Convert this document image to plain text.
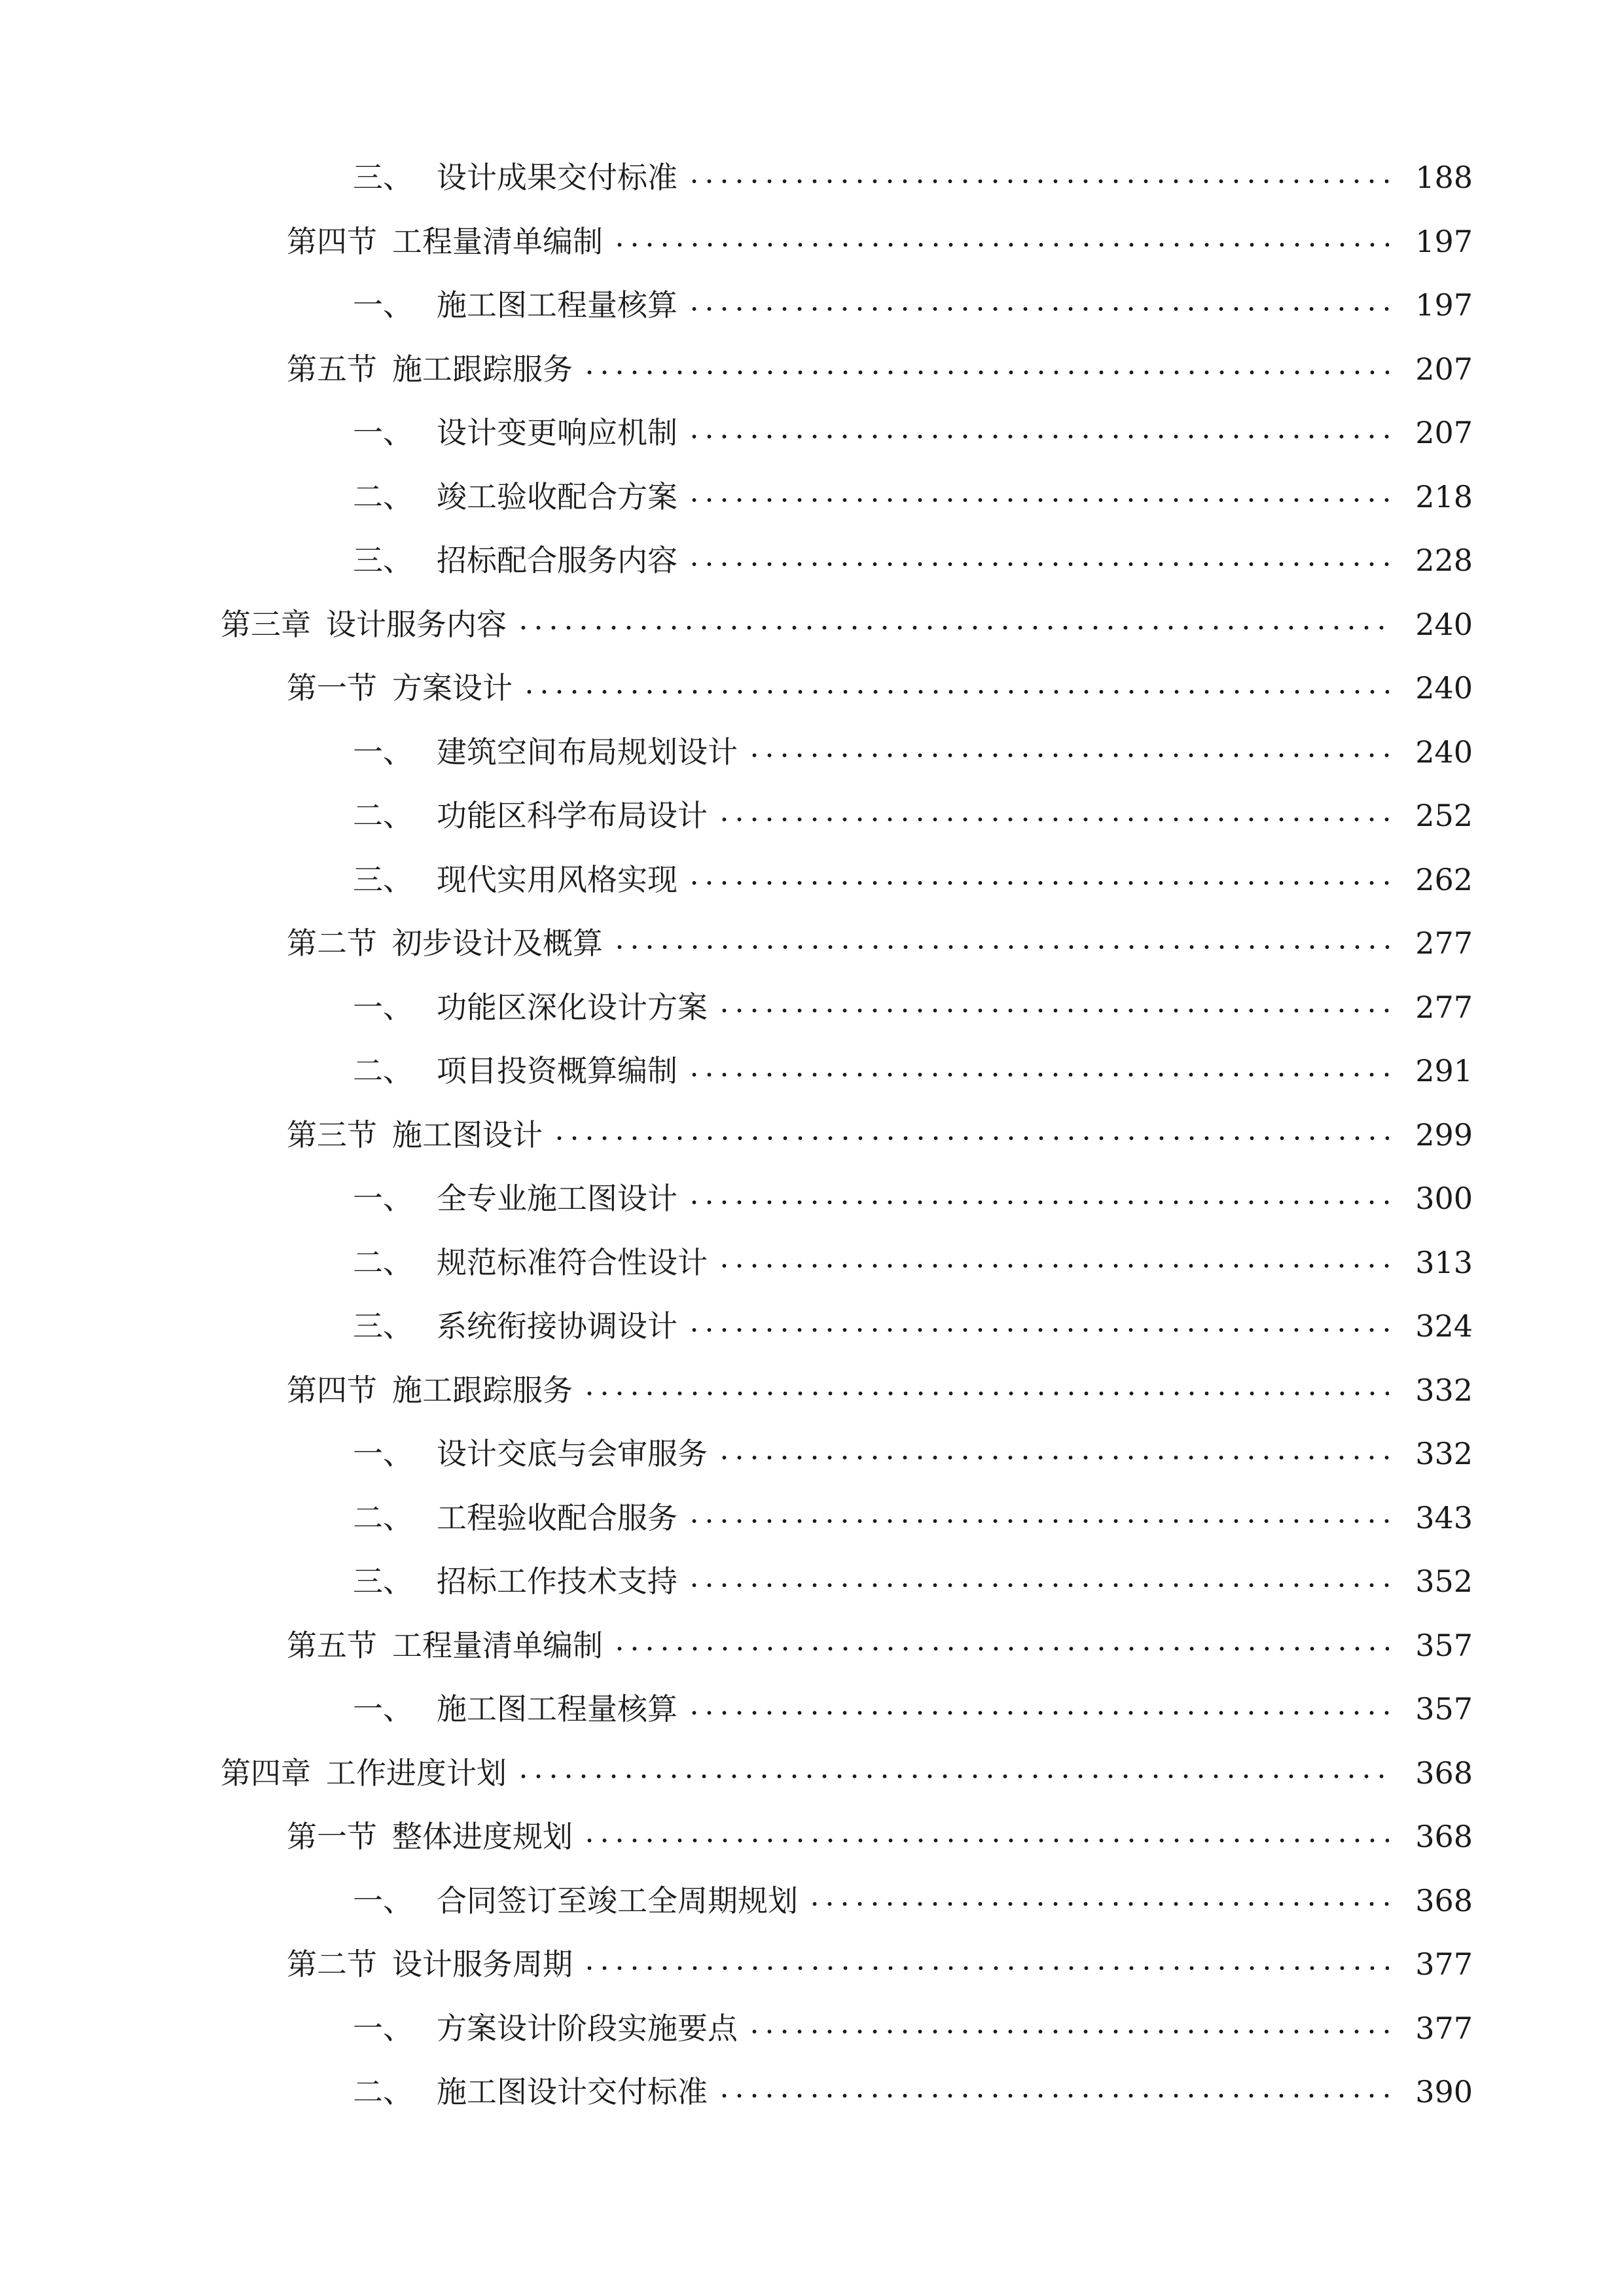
三、 设计成果交付标准	188
第四节 工程量清单编制	197
一、 施工图工程量核算	197
第五节 施工跟踪服务	207
一、 设计变更响应机制	207
二、 竣工验收配合方案	218
三、 招标配合服务内容	228
第三章 设计服务内容	240
第一节 方案设计	240
一、 建筑空间布局规划设计	240
二、 功能区科学布局设计	252
三、 现代实用风格实现	262
第二节 初步设计及概算	277
一、 功能区深化设计方案	277
二、 项目投资概算编制	291
第三节 施工图设计	299
一、 全专业施工图设计	300
二、 规范标准符合性设计	313
三、 系统衔接协调设计	324
第四节 施工跟踪服务	332
一、 设计交底与会审服务	332
二、 工程验收配合服务	343
三、 招标工作技术支持	352
第五节 工程量清单编制	357
一、 施工图工程量核算	357
第四章 工作进度计划	368
第一节 整体进度规划	368
一、 合同签订至竣工全周期规划	368
第二节 设计服务周期	377
一、 方案设计阶段实施要点	377
二、 施工图设计交付标准	390
